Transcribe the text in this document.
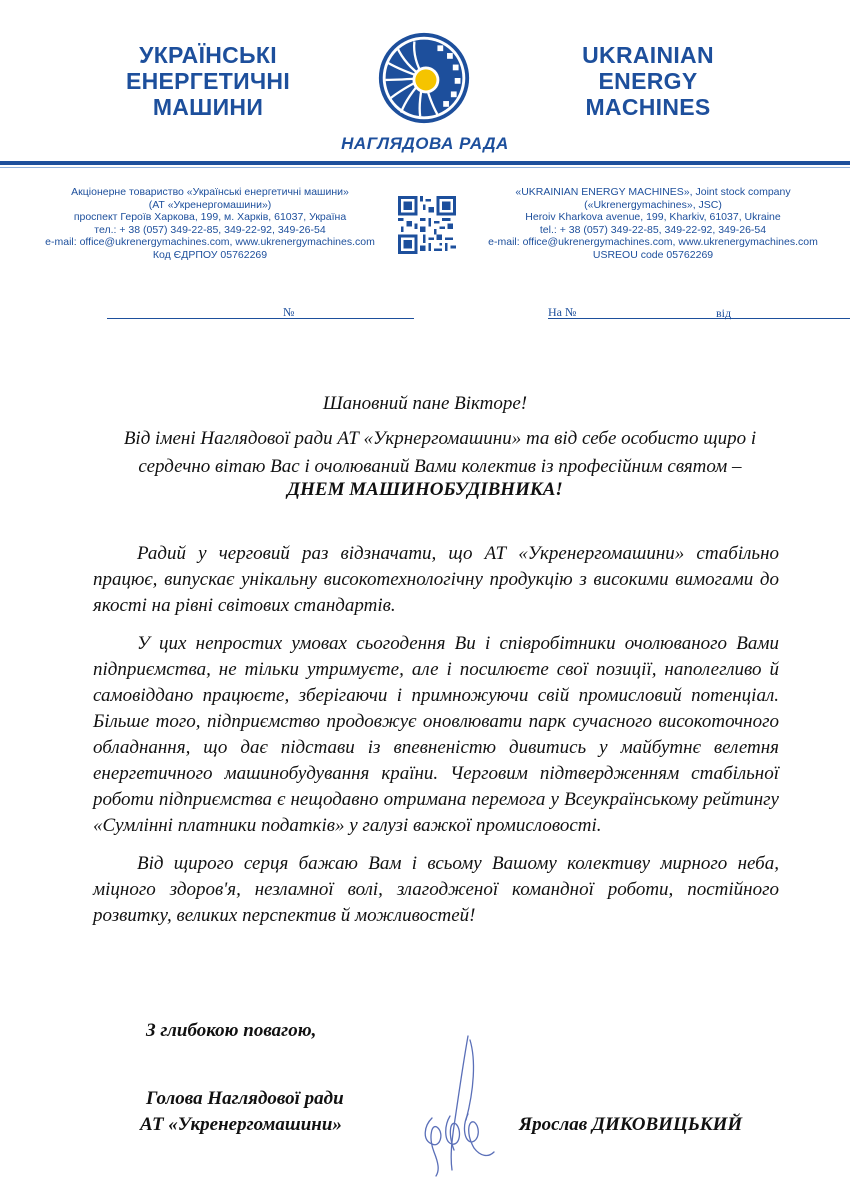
УКРАЇНСЬКІ
ЕНЕРГЕТИЧНІ
МАШИНИ
UKRAINIAN
ENERGY
MACHINES
НАГЛЯДОВА РАДА
Акціонерне товариство «Українські енергетичні машини»
(АТ «Укренергомашини»)
проспект Героїв Харкова, 199, м. Харків, 61037, Україна
тел.: + 38 (057) 349-22-85, 349-22-92, 349-26-54
e-mail: office@ukrenergymachines.com, www.ukrenergymachines.com
Код ЄДРПОУ 05762269
«UKRAINIAN ENERGY MACHINES», Joint stock company
(«Ukrenergymachines», JSC)
Heroiv Kharkova avenue, 199, Kharkiv, 61037, Ukraine
tel.: + 38 (057) 349-22-85, 349-22-92, 349-26-54
e-mail: office@ukrenergymachines.com, www.ukrenergymachines.com
USREOU code 05762269
№	На №	від
Шановний пане Вікторе!
Від імені Наглядової ради АТ «Укрнергомашини» та від себе особисто щиро і сердечно вітаю Вас і очолюваний Вами колектив із професійним святом –
ДНЕМ МАШИНОБУДІВНИКА!

Радий у черговий раз відзначати, що АТ «Укренергомашини» стабільно працює, випускає унікальну високотехнологічну продукцію з високими вимогами до якості на рівні світових стандартів.

У цих непростих умовах сьогодення Ви і співробітники очолюваного Вами підприємства, не тільки утримуєте, але і посилюєте свої позиції, наполегливо й самовіддано працюєте, зберігаючи і примножуючи свій промисловий потенціал. Більше того, підприємство продовжує оновлювати парк сучасного високоточного обладнання, що дає підстави із впевненістю дивитись у майбутнє велетня енергетичного машинобудування країни. Черговим підтвердженням стабільної роботи підприємства є нещодавно отримана перемога у Всеукраїнському рейтингу «Сумлінні платники податків» у галузі важкої промисловості.

Від щирого серця бажаю Вам і всьому Вашому колективу мирного неба, міцного здоров'я, незламної волі, злагодженої командної роботи, постійного розвитку, великих перспектив й можливостей!

З глибокою повагою,
Голова Наглядової ради
АТ «Укренергомашини»	Ярослав ДИКОВИЦЬКИЙ
